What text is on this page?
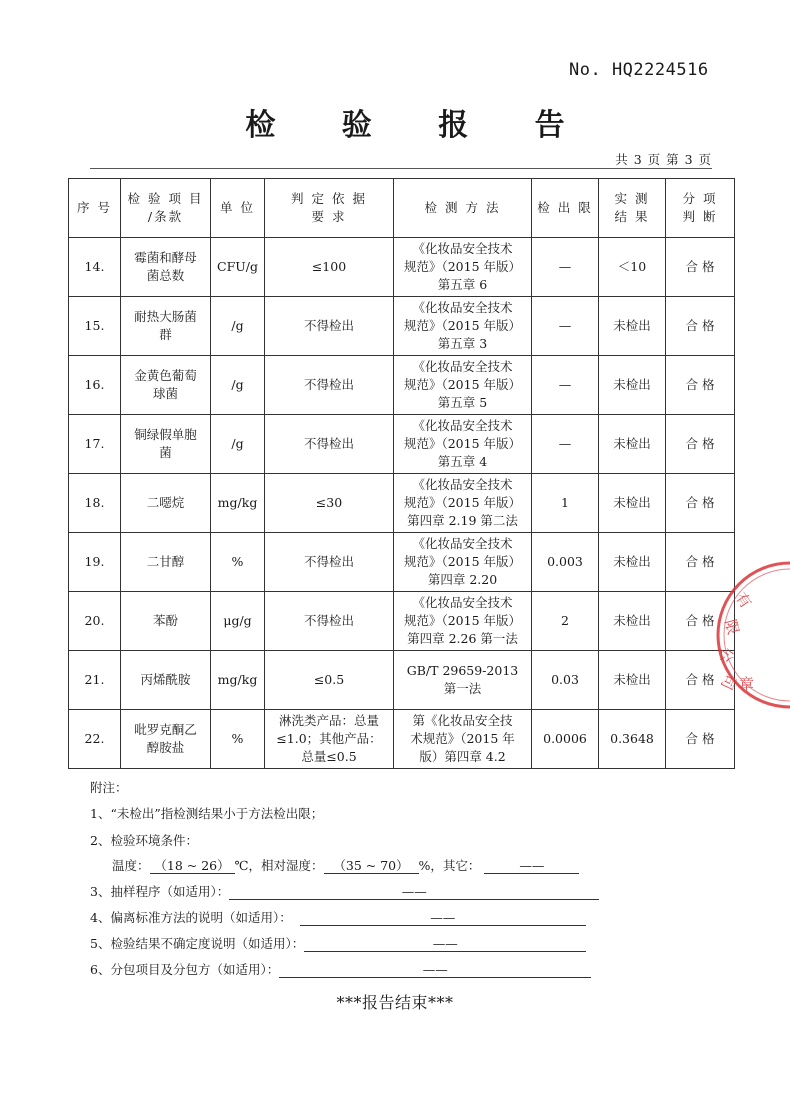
No. HQ2224516
检 验 报 告
共 3 页 第 3 页
序 号	检 验 项 目
/条款	单 位	判 定 依 据
要 求	检 测 方 法	检 出 限	实 测
结 果	分 项
判 断

14.	霉菌和酵母
菌总数	CFU/g	≤100	《化妆品安全技术
规范》（2015 年版）
第五章 6	—	＜10	合 格

15.	耐热大肠菌
群	/g	不得检出	《化妆品安全技术
规范》（2015 年版）
第五章 3	—	未检出	合 格

16.	金黄色葡萄
球菌	/g	不得检出	《化妆品安全技术
规范》（2015 年版）
第五章 5	—	未检出	合 格

17.	铜绿假单胞
菌	/g	不得检出	《化妆品安全技术
规范》（2015 年版）
第五章 4	—	未检出	合 格

18.	二噁烷	mg/kg	≤30	《化妆品安全技术
规范》（2015 年版）
第四章 2.19 第二法	1	未检出	合 格

19.	二甘醇	%	不得检出	《化妆品安全技术
规范》（2015 年版）
第四章 2.20	0.003	未检出	合 格

20.	苯酚	μg/g	不得检出	《化妆品安全技术
规范》（2015 年版）
第四章 2.26 第一法	2	未检出	合 格

21.	丙烯酰胺	mg/kg	≤0.5	GB/T 29659-2013
第一法	0.03	未检出	合 格

22.	吡罗克酮乙
醇胺盐	%	淋洗类产品：总量
≤1.0；其他产品：
总量≤0.5	第《化妆品安全技
术规范》（2015 年
版）第四章 4.2	0.0006	0.3648	合 格
附注：
1、“未检出”指检测结果小于方法检出限；
2、检验环境条件：
温度： （18 ~ 26） ℃，相对湿度： （35 ~ 70） %，其它：	——
3、抽样程序（如适用）：	——
4、偏离标准方法的说明（如适用）：	——
5、检验结果不确定度说明（如适用）：	——
6、分包项目及分包方（如适用）：	——
***报告结束***
有
限
公
司 章
